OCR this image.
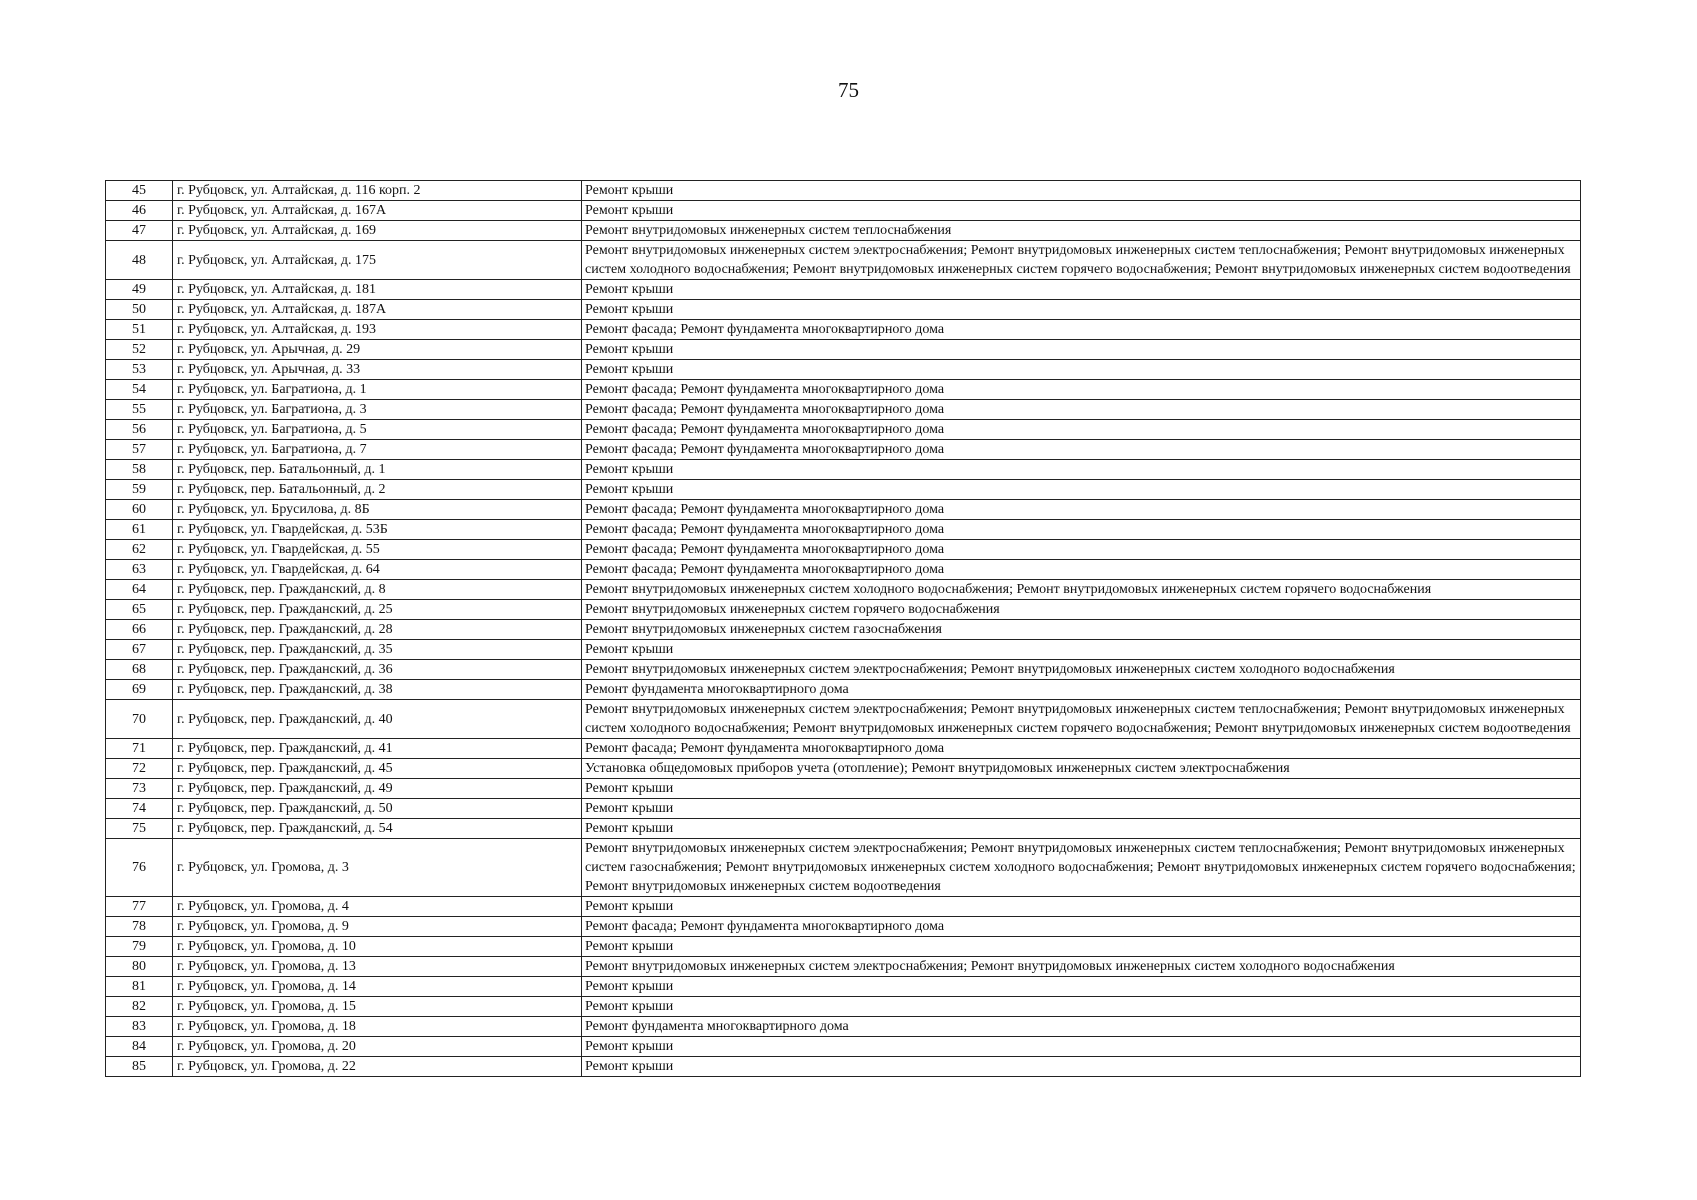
75
45	г. Рубцовск, ул. Алтайская, д. 116 корп. 2	Ремонт крыши
46	г. Рубцовск, ул. Алтайская, д. 167А	Ремонт крыши
47	г. Рубцовск, ул. Алтайская, д. 169	Ремонт внутридомовых инженерных систем теплоснабжения
48	г. Рубцовск, ул. Алтайская, д. 175	Ремонт внутридомовых инженерных систем электроснабжения; Ремонт внутридомовых инженерных систем теплоснабжения; Ремонт внутридомовых инженерных систем холодного водоснабжения; Ремонт внутридомовых инженерных систем горячего водоснабжения; Ремонт внутридомовых инженерных систем водоотведения
49	г. Рубцовск, ул. Алтайская, д. 181	Ремонт крыши
50	г. Рубцовск, ул. Алтайская, д. 187А	Ремонт крыши
51	г. Рубцовск, ул. Алтайская, д. 193	Ремонт фасада; Ремонт фундамента многоквартирного дома
52	г. Рубцовск, ул. Арычная, д. 29	Ремонт крыши
53	г. Рубцовск, ул. Арычная, д. 33	Ремонт крыши
54	г. Рубцовск, ул. Багратиона, д. 1	Ремонт фасада; Ремонт фундамента многоквартирного дома
55	г. Рубцовск, ул. Багратиона, д. 3	Ремонт фасада; Ремонт фундамента многоквартирного дома
56	г. Рубцовск, ул. Багратиона, д. 5	Ремонт фасада; Ремонт фундамента многоквартирного дома
57	г. Рубцовск, ул. Багратиона, д. 7	Ремонт фасада; Ремонт фундамента многоквартирного дома
58	г. Рубцовск, пер. Батальонный, д. 1	Ремонт крыши
59	г. Рубцовск, пер. Батальонный, д. 2	Ремонт крыши
60	г. Рубцовск, ул. Брусилова, д. 8Б	Ремонт фасада; Ремонт фундамента многоквартирного дома
61	г. Рубцовск, ул. Гвардейская, д. 53Б	Ремонт фасада; Ремонт фундамента многоквартирного дома
62	г. Рубцовск, ул. Гвардейская, д. 55	Ремонт фасада; Ремонт фундамента многоквартирного дома
63	г. Рубцовск, ул. Гвардейская, д. 64	Ремонт фасада; Ремонт фундамента многоквартирного дома
64	г. Рубцовск, пер. Гражданский, д. 8	Ремонт внутридомовых инженерных систем холодного водоснабжения; Ремонт внутридомовых инженерных систем горячего водоснабжения
65	г. Рубцовск, пер. Гражданский, д. 25	Ремонт внутридомовых инженерных систем горячего водоснабжения
66	г. Рубцовск, пер. Гражданский, д. 28	Ремонт внутридомовых инженерных систем газоснабжения
67	г. Рубцовск, пер. Гражданский, д. 35	Ремонт крыши
68	г. Рубцовск, пер. Гражданский, д. 36	Ремонт внутридомовых инженерных систем электроснабжения; Ремонт внутридомовых инженерных систем холодного водоснабжения
69	г. Рубцовск, пер. Гражданский, д. 38	Ремонт фундамента многоквартирного дома
70	г. Рубцовск, пер. Гражданский, д. 40	Ремонт внутридомовых инженерных систем электроснабжения; Ремонт внутридомовых инженерных систем теплоснабжения; Ремонт внутридомовых инженерных систем холодного водоснабжения; Ремонт внутридомовых инженерных систем горячего водоснабжения; Ремонт внутридомовых инженерных систем водоотведения
71	г. Рубцовск, пер. Гражданский, д. 41	Ремонт фасада; Ремонт фундамента многоквартирного дома
72	г. Рубцовск, пер. Гражданский, д. 45	Установка общедомовых приборов учета (отопление); Ремонт внутридомовых инженерных систем электроснабжения
73	г. Рубцовск, пер. Гражданский, д. 49	Ремонт крыши
74	г. Рубцовск, пер. Гражданский, д. 50	Ремонт крыши
75	г. Рубцовск, пер. Гражданский, д. 54	Ремонт крыши
76	г. Рубцовск, ул. Громова, д. 3	Ремонт внутридомовых инженерных систем электроснабжения; Ремонт внутридомовых инженерных систем теплоснабжения; Ремонт внутридомовых инженерных систем газоснабжения; Ремонт внутридомовых инженерных систем холодного водоснабжения; Ремонт внутридомовых инженерных систем горячего водоснабжения; Ремонт внутридомовых инженерных систем водоотведения
77	г. Рубцовск, ул. Громова, д. 4	Ремонт крыши
78	г. Рубцовск, ул. Громова, д. 9	Ремонт фасада; Ремонт фундамента многоквартирного дома
79	г. Рубцовск, ул. Громова, д. 10	Ремонт крыши
80	г. Рубцовск, ул. Громова, д. 13	Ремонт внутридомовых инженерных систем электроснабжения; Ремонт внутридомовых инженерных систем холодного водоснабжения
81	г. Рубцовск, ул. Громова, д. 14	Ремонт крыши
82	г. Рубцовск, ул. Громова, д. 15	Ремонт крыши
83	г. Рубцовск, ул. Громова, д. 18	Ремонт фундамента многоквартирного дома
84	г. Рубцовск, ул. Громова, д. 20	Ремонт крыши
85	г. Рубцовск, ул. Громова, д. 22	Ремонт крыши
